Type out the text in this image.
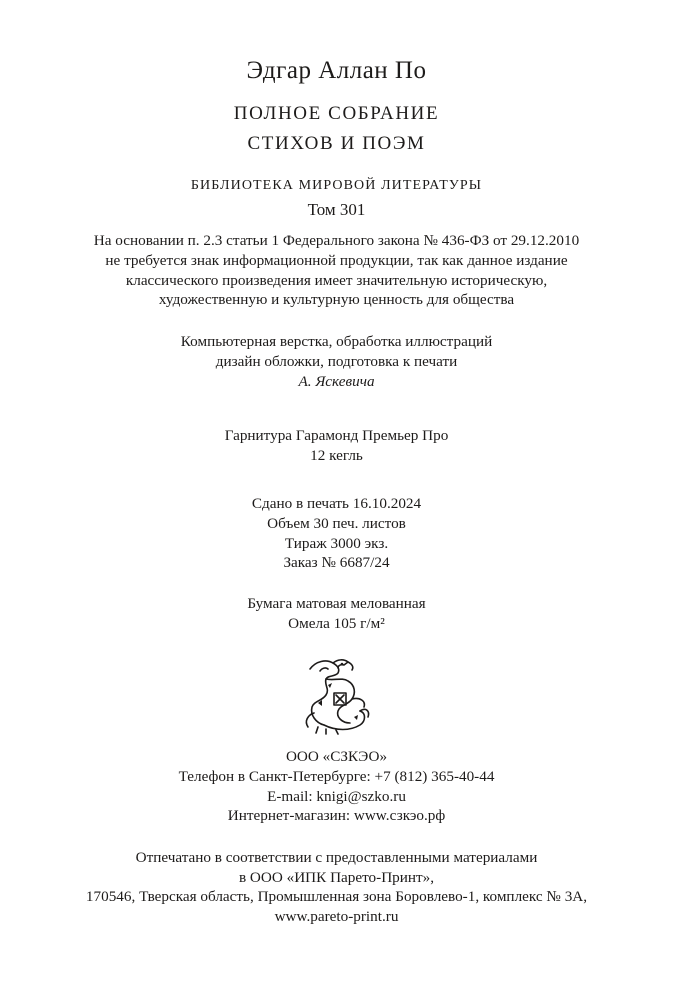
Эдгар Аллан По
ПОЛНОЕ СОБРАНИЕ
СТИХОВ И ПОЭМ
БИБЛИОТЕКА МИРОВОЙ ЛИТЕРАТУРЫ
Том 301
На основании п. 2.3 статьи 1 Федерального закона № 436-ФЗ от 29.12.2010
не требуется знак информационной продукции, так как данное издание
классического произведения имеет значительную историческую,
художественную и культурную ценность для общества
Компьютерная верстка, обработка иллюстраций
дизайн обложки, подготовка к печати
А. Яскевича
Гарнитура Гарамонд Премьер Про
12 кегль
Сдано в печать 16.10.2024
Объем 30 печ. листов
Тираж 3000 экз.
Заказ № 6687/24
Бумага матовая мелованная
Омела 105 г/м²
ООО «СЗКЭО»
Телефон в Санкт-Петербурге: +7 (812) 365-40-44
E-mail: knigi@szko.ru
Интернет-магазин: www.сзкэо.рф
Отпечатано в соответствии с предоставленными материалами
в ООО «ИПК Парето-Принт»,
170546, Тверская область, Промышленная зона Боровлево-1, комплекс № 3А,
www.pareto-print.ru
